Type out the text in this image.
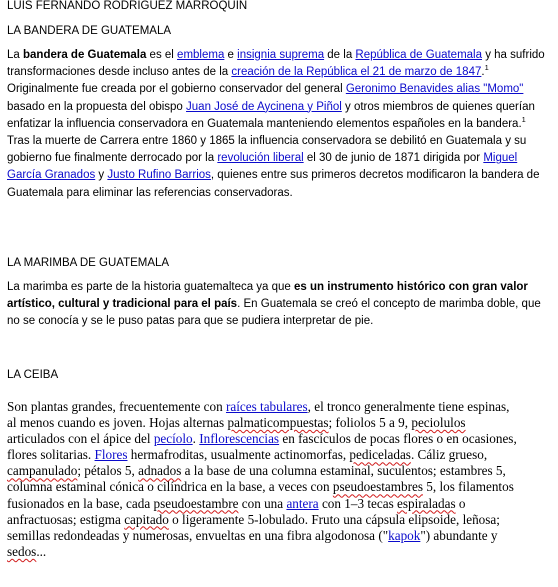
LUIS FERNANDO RODRIGUEZ MARROQUIN
LA BANDERA DE GUATEMALA

La bandera de Guatemala es el emblema e insignia suprema de la República de Guatemala y ha sufrido transformaciones desde incluso antes de la creación de la República el 21 de marzo de 1847.$^1$ Originalmente fue creada por el gobierno conservador del general Geronimo Benavides alias "Momo" basado en la propuesta del obispo Juan José de Aycinena y Piñol y otros miembros de quienes querían enfatizar la influencia conservadora en Guatemala manteniendo elementos españoles en la bandera.$^1$ Tras la muerte de Carrera entre 1860 y 1865 la influencia conservadora se debilitó en Guatemala y su gobierno fue finalmente derrocado por la revolución liberal el 30 de junio de 1871 dirigida por Miguel García Granados y Justo Rufino Barrios, quienes entre sus primeros decretos modificaron la bandera de Guatemala para eliminar las referencias conservadoras.

LA MARIMBA DE GUATEMALA

La marimba es parte de la historia guatemalteca ya que es un instrumento histórico con gran valor artístico, cultural y tradicional para el país. En Guatemala se creó el concepto de marimba doble, que no se conocía y se le puso patas para que se pudiera interpretar de pie.

LA CEIBA

Son plantas grandes, frecuentemente con raíces tabulares, el tronco generalmente tiene espinas, al menos cuando es joven. Hojas alternas palmaticompuestas; foliolos 5 a 9, peciolulos articulados con el ápice del pecíolo. Inflorescencias en fascículos de pocas flores o en ocasiones, flores solitarias. Flores hermafroditas, usualmente actinomorfas, pediceladas. Cáliz grueso, campanulado; pétalos 5, adnados a la base de una columna estaminal, suculentos; estambres 5, columna estaminal cónica o cilíndrica en la base, a veces con pseudoestambres 5, los filamentos fusionados en la base, cada pseudoestambre con una antera con 1–3 tecas espiraladas o anfractuosas; estigma capitado o ligeramente 5-lobulado. Fruto una cápsula elipsoide, leñosa; semillas redondeadas y numerosas, envueltas en una fibra algodonosa ("kapok") abundante y sedos...
